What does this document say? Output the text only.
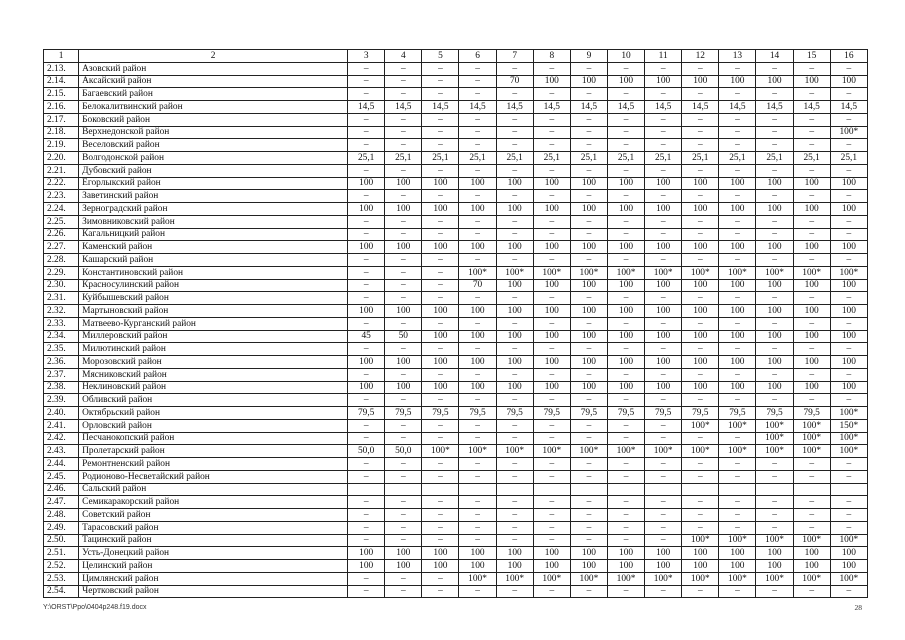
1	2	3	4	5	6	7	8	9	10	11	12	13	14	15	16
2.13.	Азовский район	–	–	–	–	–	–	–	–	–	–	–	–	–	–
2.14.	Аксайский район	–	–	–	–	70	100	100	100	100	100	100	100	100	100
2.15.	Багаевский район	–	–	–	–	–	–	–	–	–	–	–	–	–	–
2.16.	Белокалитвинский район	14,5	14,5	14,5	14,5	14,5	14,5	14,5	14,5	14,5	14,5	14,5	14,5	14,5	14,5
2.17.	Боковский район	–	–	–	–	–	–	–	–	–	–	–	–	–	–
2.18.	Верхнедонской район	–	–	–	–	–	–	–	–	–	–	–	–	–	100*
2.19.	Веселовский район	–	–	–	–	–	–	–	–	–	–	–	–	–	–
2.20.	Волгодонской район	25,1	25,1	25,1	25,1	25,1	25,1	25,1	25,1	25,1	25,1	25,1	25,1	25,1	25,1
2.21.	Дубовский район	–	–	–	–	–	–	–	–	–	–	–	–	–	–
2.22.	Егорлыкский район	100	100	100	100	100	100	100	100	100	100	100	100	100	100
2.23.	Заветинский район	–	–	–	–	–	–	–	–	–	–	–	–	–	–
2.24.	Зерноградский район	100	100	100	100	100	100	100	100	100	100	100	100	100	100
2.25.	Зимовниковский район	–	–	–	–	–	–	–	–	–	–	–	–	–	–
2.26.	Кагальницкий район	–	–	–	–	–	–	–	–	–	–	–	–	–	–
2.27.	Каменский район	100	100	100	100	100	100	100	100	100	100	100	100	100	100
2.28.	Кашарский район	–	–	–	–	–	–	–	–	–	–	–	–	–	–
2.29.	Константиновский район	–	–	–	100*	100*	100*	100*	100*	100*	100*	100*	100*	100*	100*
2.30.	Красносулинский район	–	–	–	70	100	100	100	100	100	100	100	100	100	100
2.31.	Куйбышевский район	–	–	–	–	–	–	–	–	–	–	–	–	–	–
2.32.	Мартыновский район	100	100	100	100	100	100	100	100	100	100	100	100	100	100
2.33.	Матвеево-Курганский район	–	–	–	–	–	–	–	–	–	–	–	–	–	–
2.34.	Миллеровский район	45	50	100	100	100	100	100	100	100	100	100	100	100	100
2.35.	Милютинский район	–	–	–	–	–	–	–	–	–	–	–	–	–	–
2.36.	Морозовский район	100	100	100	100	100	100	100	100	100	100	100	100	100	100
2.37.	Мясниковский район	–	–	–	–	–	–	–	–	–	–	–	–	–	–
2.38.	Неклиновский район	100	100	100	100	100	100	100	100	100	100	100	100	100	100
2.39.	Обливский район	–	–	–	–	–	–	–	–	–	–	–	–	–	–
2.40.	Октябрьский район	79,5	79,5	79,5	79,5	79,5	79,5	79,5	79,5	79,5	79,5	79,5	79,5	79,5	100*
2.41.	Орловский район	–	–	–	–	–	–	–	–	–	100*	100*	100*	100*	150*
2.42.	Песчанокопский район	–	–	–	–	–	–	–	–	–	–	–	100*	100*	100*
2.43.	Пролетарский район	50,0	50,0	100*	100*	100*	100*	100*	100*	100*	100*	100*	100*	100*	100*
2.44.	Ремонтненский район	–	–	–	–	–	–	–	–	–	–	–	–	–	–
2.45.	Родионово-Несветайский район	–	–	–	–	–	–	–	–	–	–	–	–	–	–
2.46.	Сальский район														
2.47.	Семикаракорский район	–	–	–	–	–	–	–	–	–	–	–	–	–	–
2.48.	Советский район	–	–	–	–	–	–	–	–	–	–	–	–	–	–
2.49.	Тарасовский район	–	–	–	–	–	–	–	–	–	–	–	–	–	–
2.50.	Тацинский район	–	–	–	–	–	–	–	–	–	100*	100*	100*	100*	100*
2.51.	Усть-Донецкий район	100	100	100	100	100	100	100	100	100	100	100	100	100	100
2.52.	Целинский район	100	100	100	100	100	100	100	100	100	100	100	100	100	100
2.53.	Цимлянский район	–	–	–	100*	100*	100*	100*	100*	100*	100*	100*	100*	100*	100*
2.54.	Чертковский район	–	–	–	–	–	–	–	–	–	–	–	–	–	–
Y:\ORST\Ppo\0404p248.f19.docx	28
